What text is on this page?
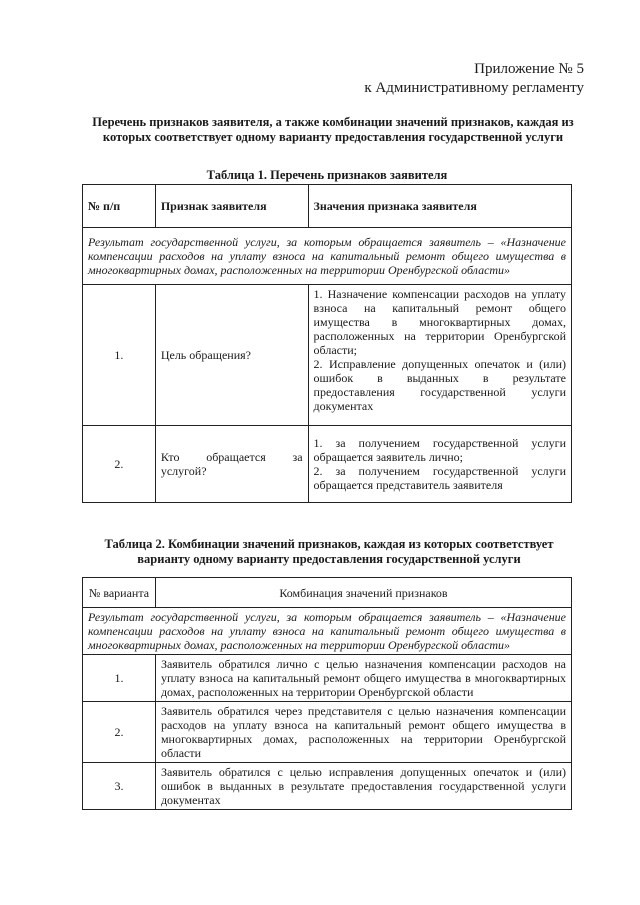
Приложение № 5
к Административному регламенту
Перечень признаков заявителя, а также комбинации значений признаков, каждая из которых соответствует одному варианту предоставления государственной услуги
Таблица 1. Перечень признаков заявителя
№ п/п	Признак заявителя	Значения признака заявителя
Результат государственной услуги, за которым обращается заявитель – «Назначение компенсации расходов на уплату взноса на капитальный ремонт общего имущества в многоквартирных домах, расположенных на территории Оренбургской области»		
1.	Цель обращения?	1. Назначение компенсации расходов на уплату взноса на капитальный ремонт общего имущества в многоквартирных домах, расположенных на территории Оренбургской области;
2. Исправление допущенных опечаток и (или) ошибок в выданных в результате предоставления государственной услуги документах
2.	Кто обращается за услугой?	1. за получением государственной услуги обращается заявитель лично;
2. за получением государственной услуги обращается представитель заявителя
Таблица 2. Комбинации значений признаков, каждая из которых соответствует варианту одному варианту предоставления государственной услуги
№ варианта	Комбинация значений признаков
Результат государственной услуги, за которым обращается заявитель – «Назначение компенсации расходов на уплату взноса на капитальный ремонт общего имущества в многоквартирных домах, расположенных на территории Оренбургской области»	
1.	Заявитель обратился лично с целью назначения компенсации расходов на уплату взноса на капитальный ремонт общего имущества в многоквартирных домах, расположенных на территории Оренбургской области
2.	Заявитель обратился через представителя с целью назначения компенсации расходов на уплату взноса на капитальный ремонт общего имущества в многоквартирных домах, расположенных на территории Оренбургской области
3.	Заявитель обратился с целью исправления допущенных опечаток и (или) ошибок в выданных в результате предоставления государственной услуги документах
